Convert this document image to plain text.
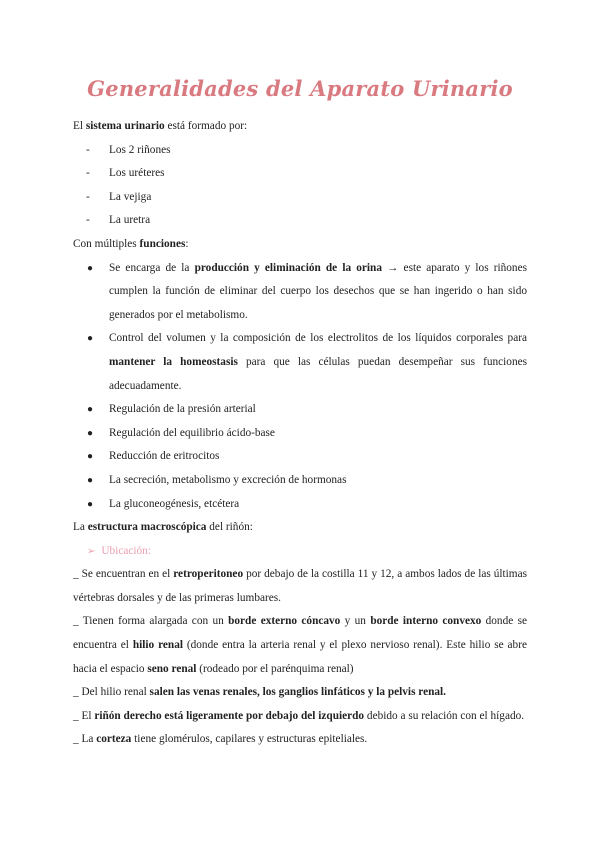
Generalidades del Aparato Urinario

El sistema urinario está formado por:

- Los 2 riñones
- Los uréteres
- La vejiga
- La uretra

Con múltiples funciones:

● Se encarga de la producción y eliminación de la orina → este aparato y los riñones cumplen la función de eliminar del cuerpo los desechos que se han ingerido o han sido generados por el metabolismo.
● Control del volumen y la composición de los electrolitos de los líquidos corporales para mantener la homeostasis para que las células puedan desempeñar sus funciones adecuadamente.
● Regulación de la presión arterial
● Regulación del equilibrio ácido-base
● Reducción de eritrocitos
● La secreción, metabolismo y excreción de hormonas
● La gluconeogénesis, etcétera

La estructura macroscópica del riñón:

➢ Ubicación:

_ Se encuentran en el retroperitoneo por debajo de la costilla 11 y 12, a ambos lados de las últimas vértebras dorsales y de las primeras lumbares.

_ Tienen forma alargada con un borde externo cóncavo y un borde interno convexo donde se encuentra el hilio renal (donde entra la arteria renal y el plexo nervioso renal). Este hilio se abre hacia el espacio seno renal (rodeado por el parénquima renal)

_ Del hilio renal salen las venas renales, los ganglios linfáticos y la pelvis renal.

_ El riñón derecho está ligeramente por debajo del izquierdo debido a su relación con el hígado.

_ La corteza tiene glomérulos, capilares y estructuras epiteliales.
